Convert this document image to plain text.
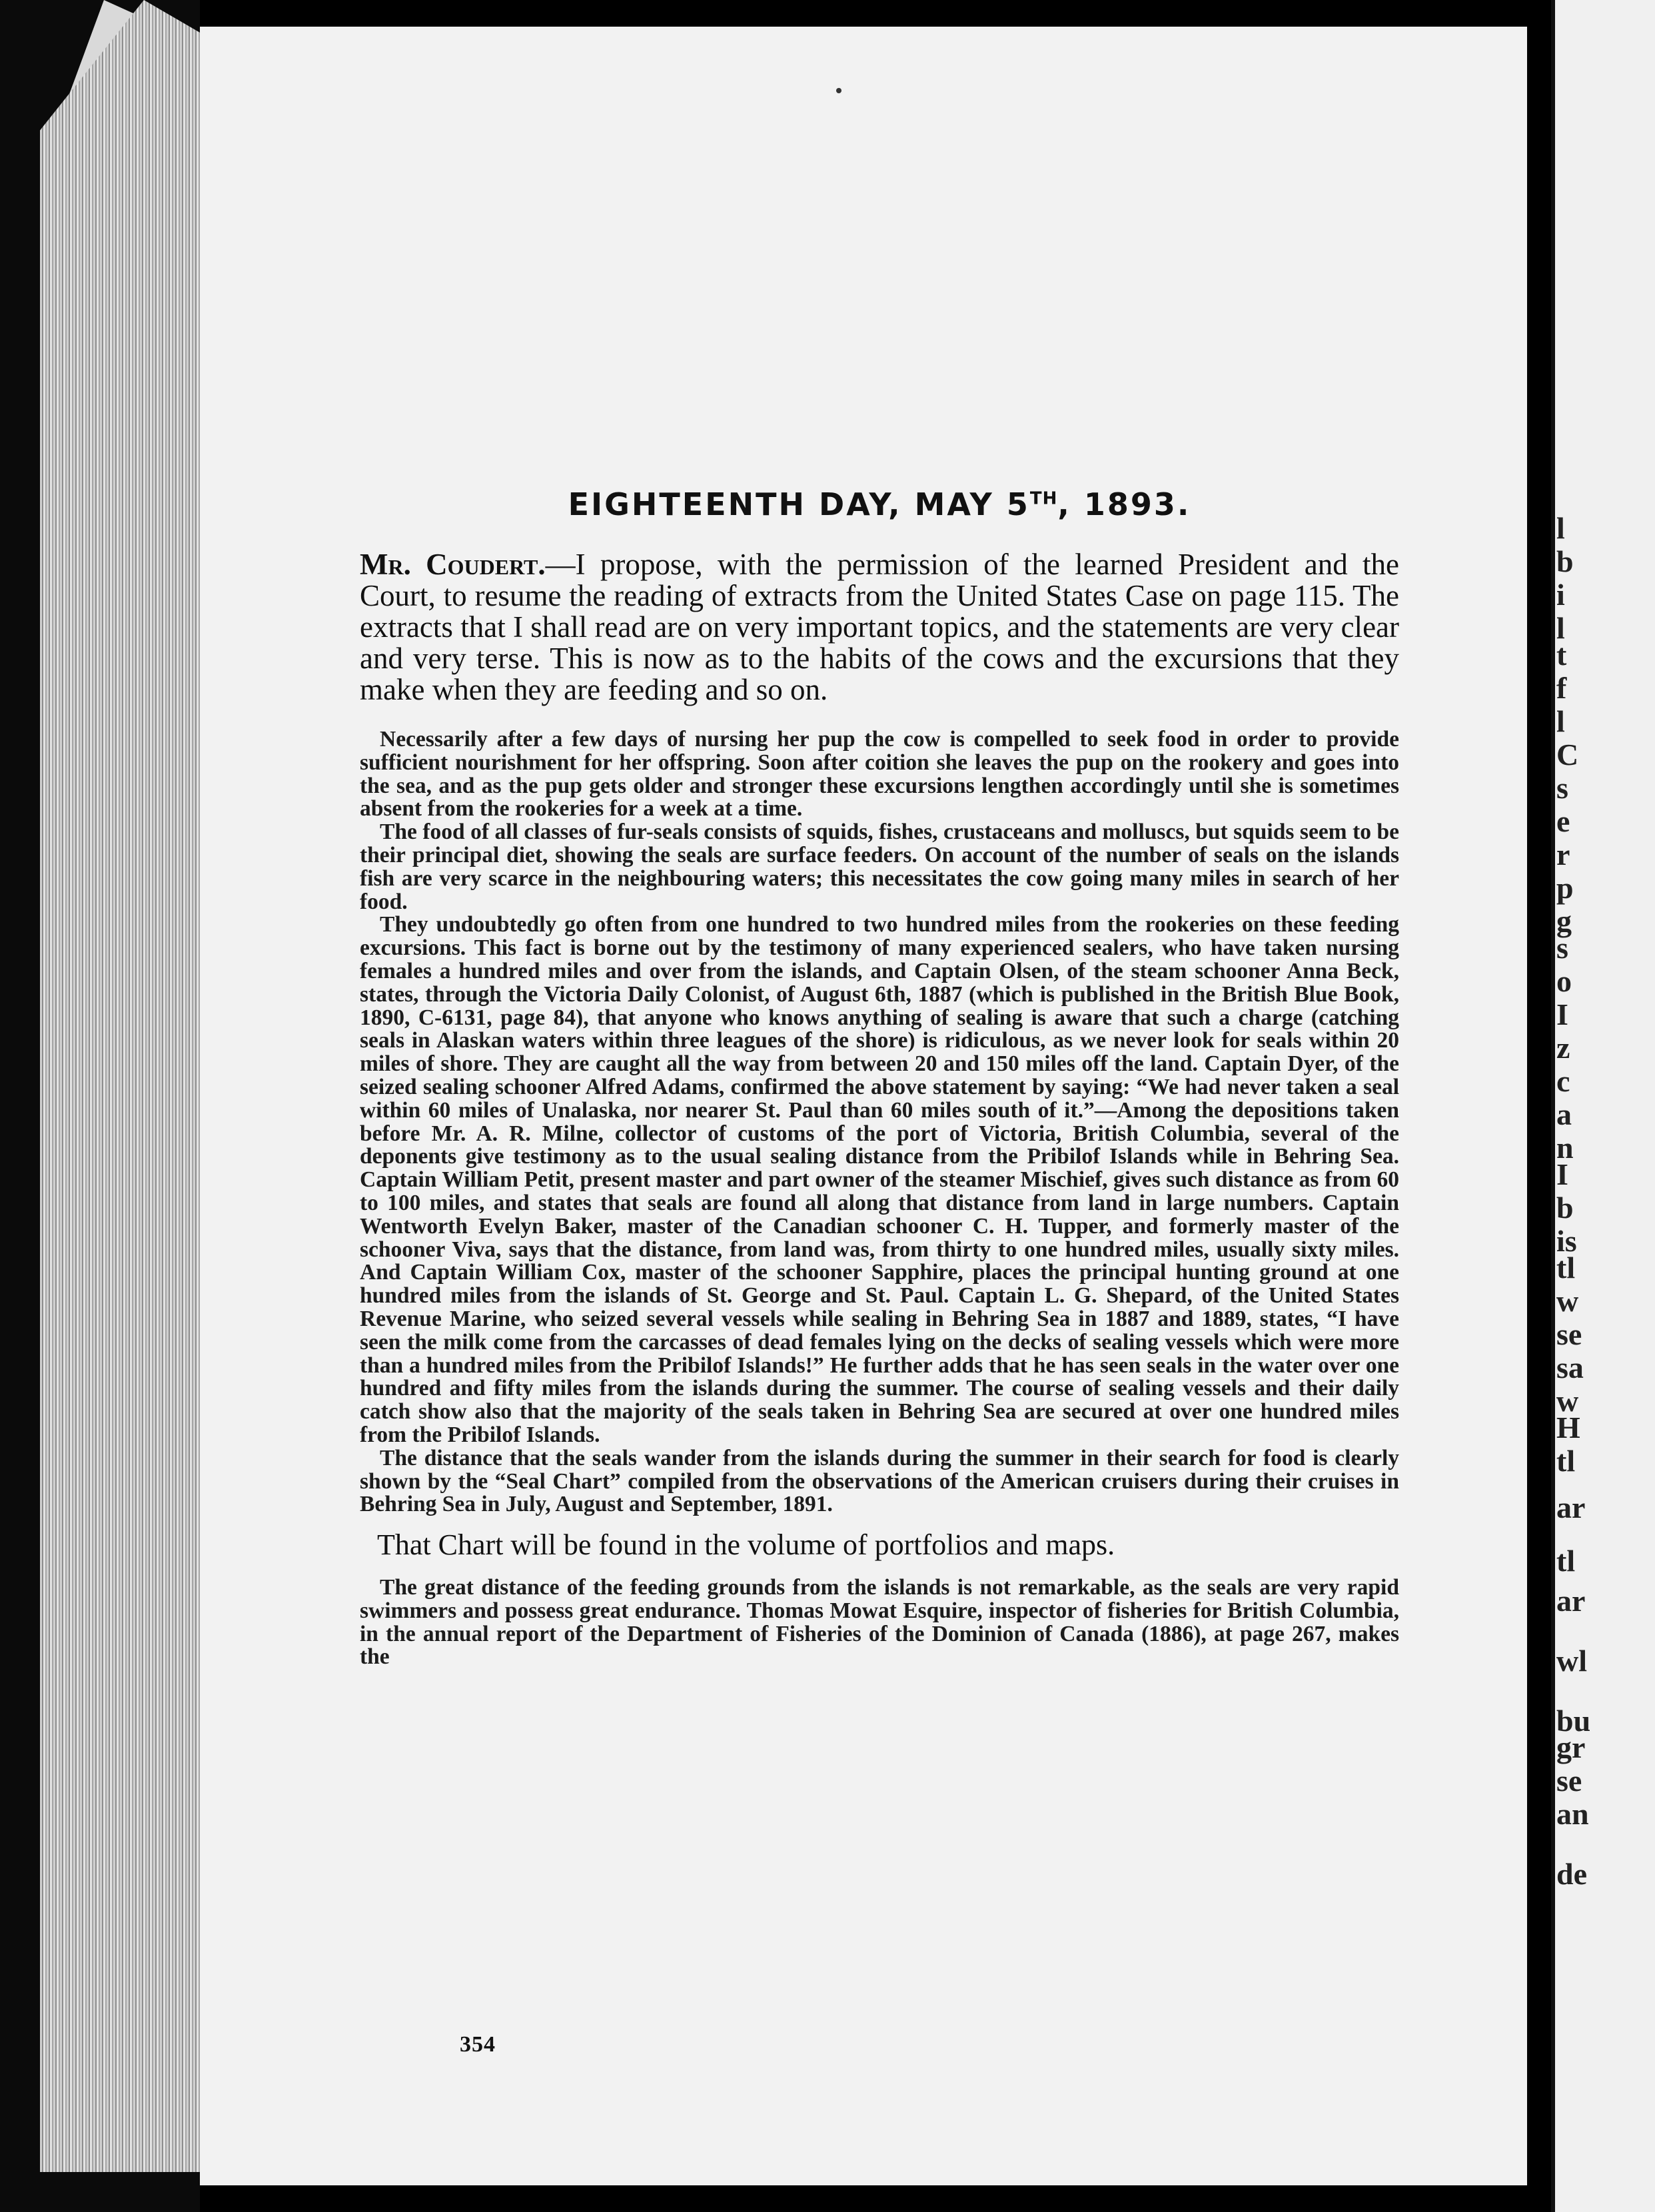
EIGHTEENTH DAY, MAY 5TH, 1893.

Mr. Coudert.—I propose, with the permission of the learned President and the Court, to resume the reading of extracts from the United States Case on page 115. The extracts that I shall read are on very important topics, and the statements are very clear and very terse. This is now as to the habits of the cows and the excursions that they make when they are feeding and so on.

Necessarily after a few days of nursing her pup the cow is compelled to seek food in order to provide sufficient nourishment for her offspring. Soon after coition she leaves the pup on the rookery and goes into the sea, and as the pup gets older and stronger these excursions lengthen accordingly until she is sometimes absent from the rookeries for a week at a time.

The food of all classes of fur-seals consists of squids, fishes, crustaceans and molluscs, but squids seem to be their principal diet, showing the seals are surface feeders. On account of the number of seals on the islands fish are very scarce in the neighbouring waters; this necessitates the cow going many miles in search of her food.

They undoubtedly go often from one hundred to two hundred miles from the rookeries on these feeding excursions. This fact is borne out by the testimony of many experienced sealers, who have taken nursing females a hundred miles and over from the islands, and Captain Olsen, of the steam schooner Anna Beck, states, through the Victoria Daily Colonist, of August 6th, 1887 (which is published in the British Blue Book, 1890, C-6131, page 84), that anyone who knows anything of sealing is aware that such a charge (catching seals in Alaskan waters within three leagues of the shore) is ridiculous, as we never look for seals within 20 miles of shore. They are caught all the way from between 20 and 150 miles off the land. Captain Dyer, of the seized sealing schooner Alfred Adams, confirmed the above statement by saying: “We had never taken a seal within 60 miles of Unalaska, nor nearer St. Paul than 60 miles south of it.”—Among the depositions taken before Mr. A. R. Milne, collector of customs of the port of Victoria, British Columbia, several of the deponents give testimony as to the usual sealing distance from the Pribilof Islands while in Behring Sea. Captain William Petit, present master and part owner of the steamer Mischief, gives such distance as from 60 to 100 miles, and states that seals are found all along that distance from land in large numbers. Captain Wentworth Evelyn Baker, master of the Canadian schooner C. H. Tupper, and formerly master of the schooner Viva, says that the distance, from land was, from thirty to one hundred miles, usually sixty miles. And Captain William Cox, master of the schooner Sapphire, places the principal hunting ground at one hundred miles from the islands of St. George and St. Paul. Captain L. G. Shepard, of the United States Revenue Marine, who seized several vessels while sealing in Behring Sea in 1887 and 1889, states, “I have seen the milk come from the carcasses of dead females lying on the decks of sealing vessels which were more than a hundred miles from the Pribilof Islands!” He further adds that he has seen seals in the water over one hundred and fifty miles from the islands during the summer. The course of sealing vessels and their daily catch show also that the majority of the seals taken in Behring Sea are secured at over one hundred miles from the Pribilof Islands.

The distance that the seals wander from the islands during the summer in their search for food is clearly shown by the “Seal Chart” compiled from the observations of the American cruisers during their cruises in Behring Sea in July, August and September, 1891.

That Chart will be found in the volume of portfolios and maps.

The great distance of the feeding grounds from the islands is not remarkable, as the seals are very rapid swimmers and possess great endurance. Thomas Mowat Esquire, inspector of fisheries for British Columbia, in the annual report of the Department of Fisheries of the Dominion of Canada (1886), at page 267, makes the

354
l
b
i
l
t
f
l
C
s
e
r
p
g
s
o
I
z
c
a
n
I
b
is
tl
w
se
sa
w
H
tl
ar
tl
ar
wl
bu
gr
se
an
de
